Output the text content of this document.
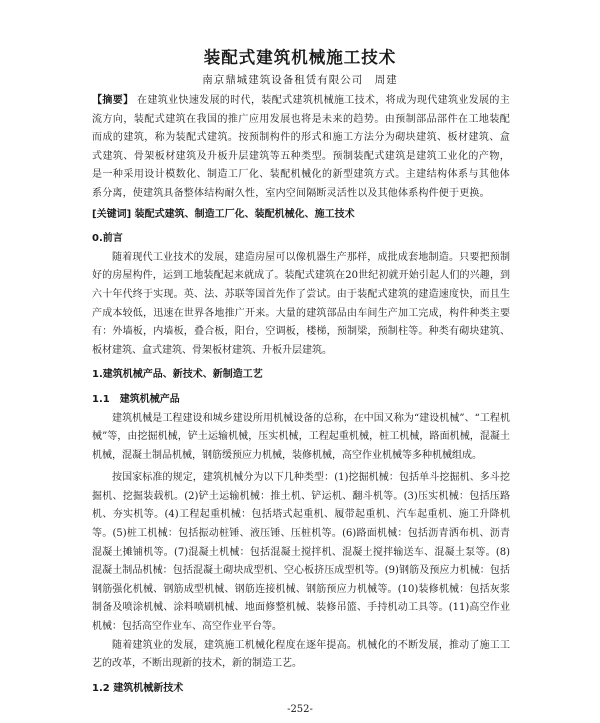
装配式建筑机械施工技术
南京鼎城建筑设备租赁有限公司　周建

【摘要】 在建筑业快速发展的时代，装配式建筑机械施工技术，将成为现代建筑业发展的主流方向，装配式建筑在我国的推广应用发展也将是未来的趋势。由预制部品部件在工地装配而成的建筑，称为装配式建筑。按预制构件的形式和施工方法分为砌块建筑、板材建筑、盒式建筑、骨架板材建筑及升板升层建筑等五种类型。预制装配式建筑是建筑工业化的产物，是一种采用设计模数化、制造工厂化、装配机械化的新型建筑方式。主建结构体系与其他体系分离，使建筑具备整体结构耐久性，室内空间隔断灵活性以及其他体系构件便于更换。

[关键词] 装配式建筑、制造工厂化、装配机械化、施工技术

0.前言

随着现代工业技术的发展，建造房屋可以像机器生产那样，成批成套地制造。只要把预制好的房屋构件，运到工地装配起来就成了。装配式建筑在20世纪初就开始引起人们的兴趣，到六十年代终于实现。英、法、苏联等国首先作了尝试。由于装配式建筑的建造速度快，而且生产成本较低，迅速在世界各地推广开来。大量的建筑部品由车间生产加工完成，构件种类主要有：外墙板，内墙板，叠合板，阳台，空调板，楼梯，预制梁，预制柱等。种类有砌块建筑、板材建筑、盒式建筑、骨架板材建筑、升板升层建筑。

1.建筑机械产品、新技术、新制造工艺

1.1　建筑机械产品

建筑机械是工程建设和城乡建设所用机械设备的总称，在中国又称为“建设机械”、“工程机械”等，由挖掘机械，铲土运输机械，压实机械，工程起重机械，桩工机械，路面机械，混凝土机械，混凝土制品机械，钢筋缓预应力机械，装修机械，高空作业机械等多种机械组成。

按国家标准的规定，建筑机械分为以下几种类型：(1)挖掘机械：包括单斗挖掘机、多斗挖掘机、挖掘装载机。(2)铲土运输机械：推土机、铲运机、翻斗机等。(3)压实机械：包括压路机、夯实机等。(4)工程起重机械：包括塔式起重机、履带起重机、汽车起重机、施工升降机等。(5)桩工机械：包括振动桩锤、液压锤、压桩机等。(6)路面机械：包括沥青洒布机、沥青混凝土摊铺机等。(7)混凝土机械：包括混凝土搅拌机、混凝土搅拌输送车、混凝土泵等。(8)混凝土制品机械：包括混凝土砌块成型机、空心板挤压成型机等。(9)钢筋及预应力机械：包括钢筋强化机械、钢筋成型机械、钢筋连接机械、钢筋预应力机械等。(10)装修机械：包括灰浆制备及喷涂机械、涂料喷刷机械、地面修整机械、装修吊篮、手持机动工具等。(11)高空作业机械：包括高空作业车、高空作业平台等。

随着建筑业的发展，建筑施工机械化程度在逐年提高。机械化的不断发展，推动了施工工艺的改革，不断出现新的技术，新的制造工艺。

1.2 建筑机械新技术

-252-
